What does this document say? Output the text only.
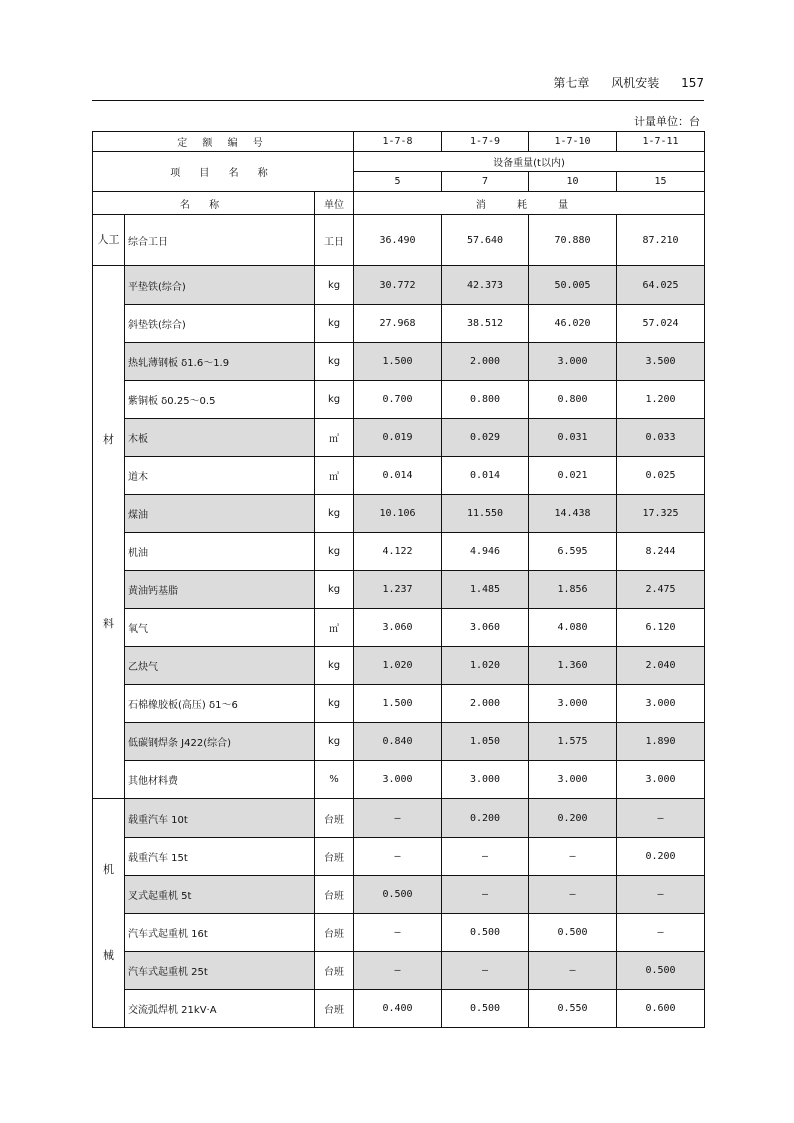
第七章 风机安装 157
计量单位：台
定 额 编 号			1-7-8	1-7-9	1-7-10	1-7-11
项 目 名 称			设备重量(t以内)			
			5	7	10	15
名 称		单位	消 耗 量			
人工	综合工日	工日	36.490	57.640	70.880	87.210

材
料	平垫铁(综合)	kg	30.772	42.373	50.005	64.025
	斜垫铁(综合)	kg	27.968	38.512	46.020	57.024
	热轧薄钢板 δ1.6～1.9	kg	1.500	2.000	3.000	3.500
	紫铜板 δ0.25～0.5	kg	0.700	0.800	0.800	1.200
	木板	㎥	0.019	0.029	0.031	0.033
	道木	㎥	0.014	0.014	0.021	0.025
	煤油	kg	10.106	11.550	14.438	17.325
	机油	kg	4.122	4.946	6.595	8.244
	黄油钙基脂	kg	1.237	1.485	1.856	2.475
	氧气	㎥	3.060	3.060	4.080	6.120
	乙炔气	kg	1.020	1.020	1.360	2.040
	石棉橡胶板(高压) δ1～6	kg	1.500	2.000	3.000	3.000
	低碳钢焊条 J422(综合)	kg	0.840	1.050	1.575	1.890
	其他材料费	%	3.000	3.000	3.000	3.000

机
械	载重汽车 10t	台班	—	0.200	0.200	—
	载重汽车 15t	台班	—	—	—	0.200
	叉式起重机 5t	台班	0.500	—	—	—
	汽车式起重机 16t	台班	—	0.500	0.500	—
	汽车式起重机 25t	台班	—	—	—	0.500
	交流弧焊机 21kV·A	台班	0.400	0.500	0.550	0.600
